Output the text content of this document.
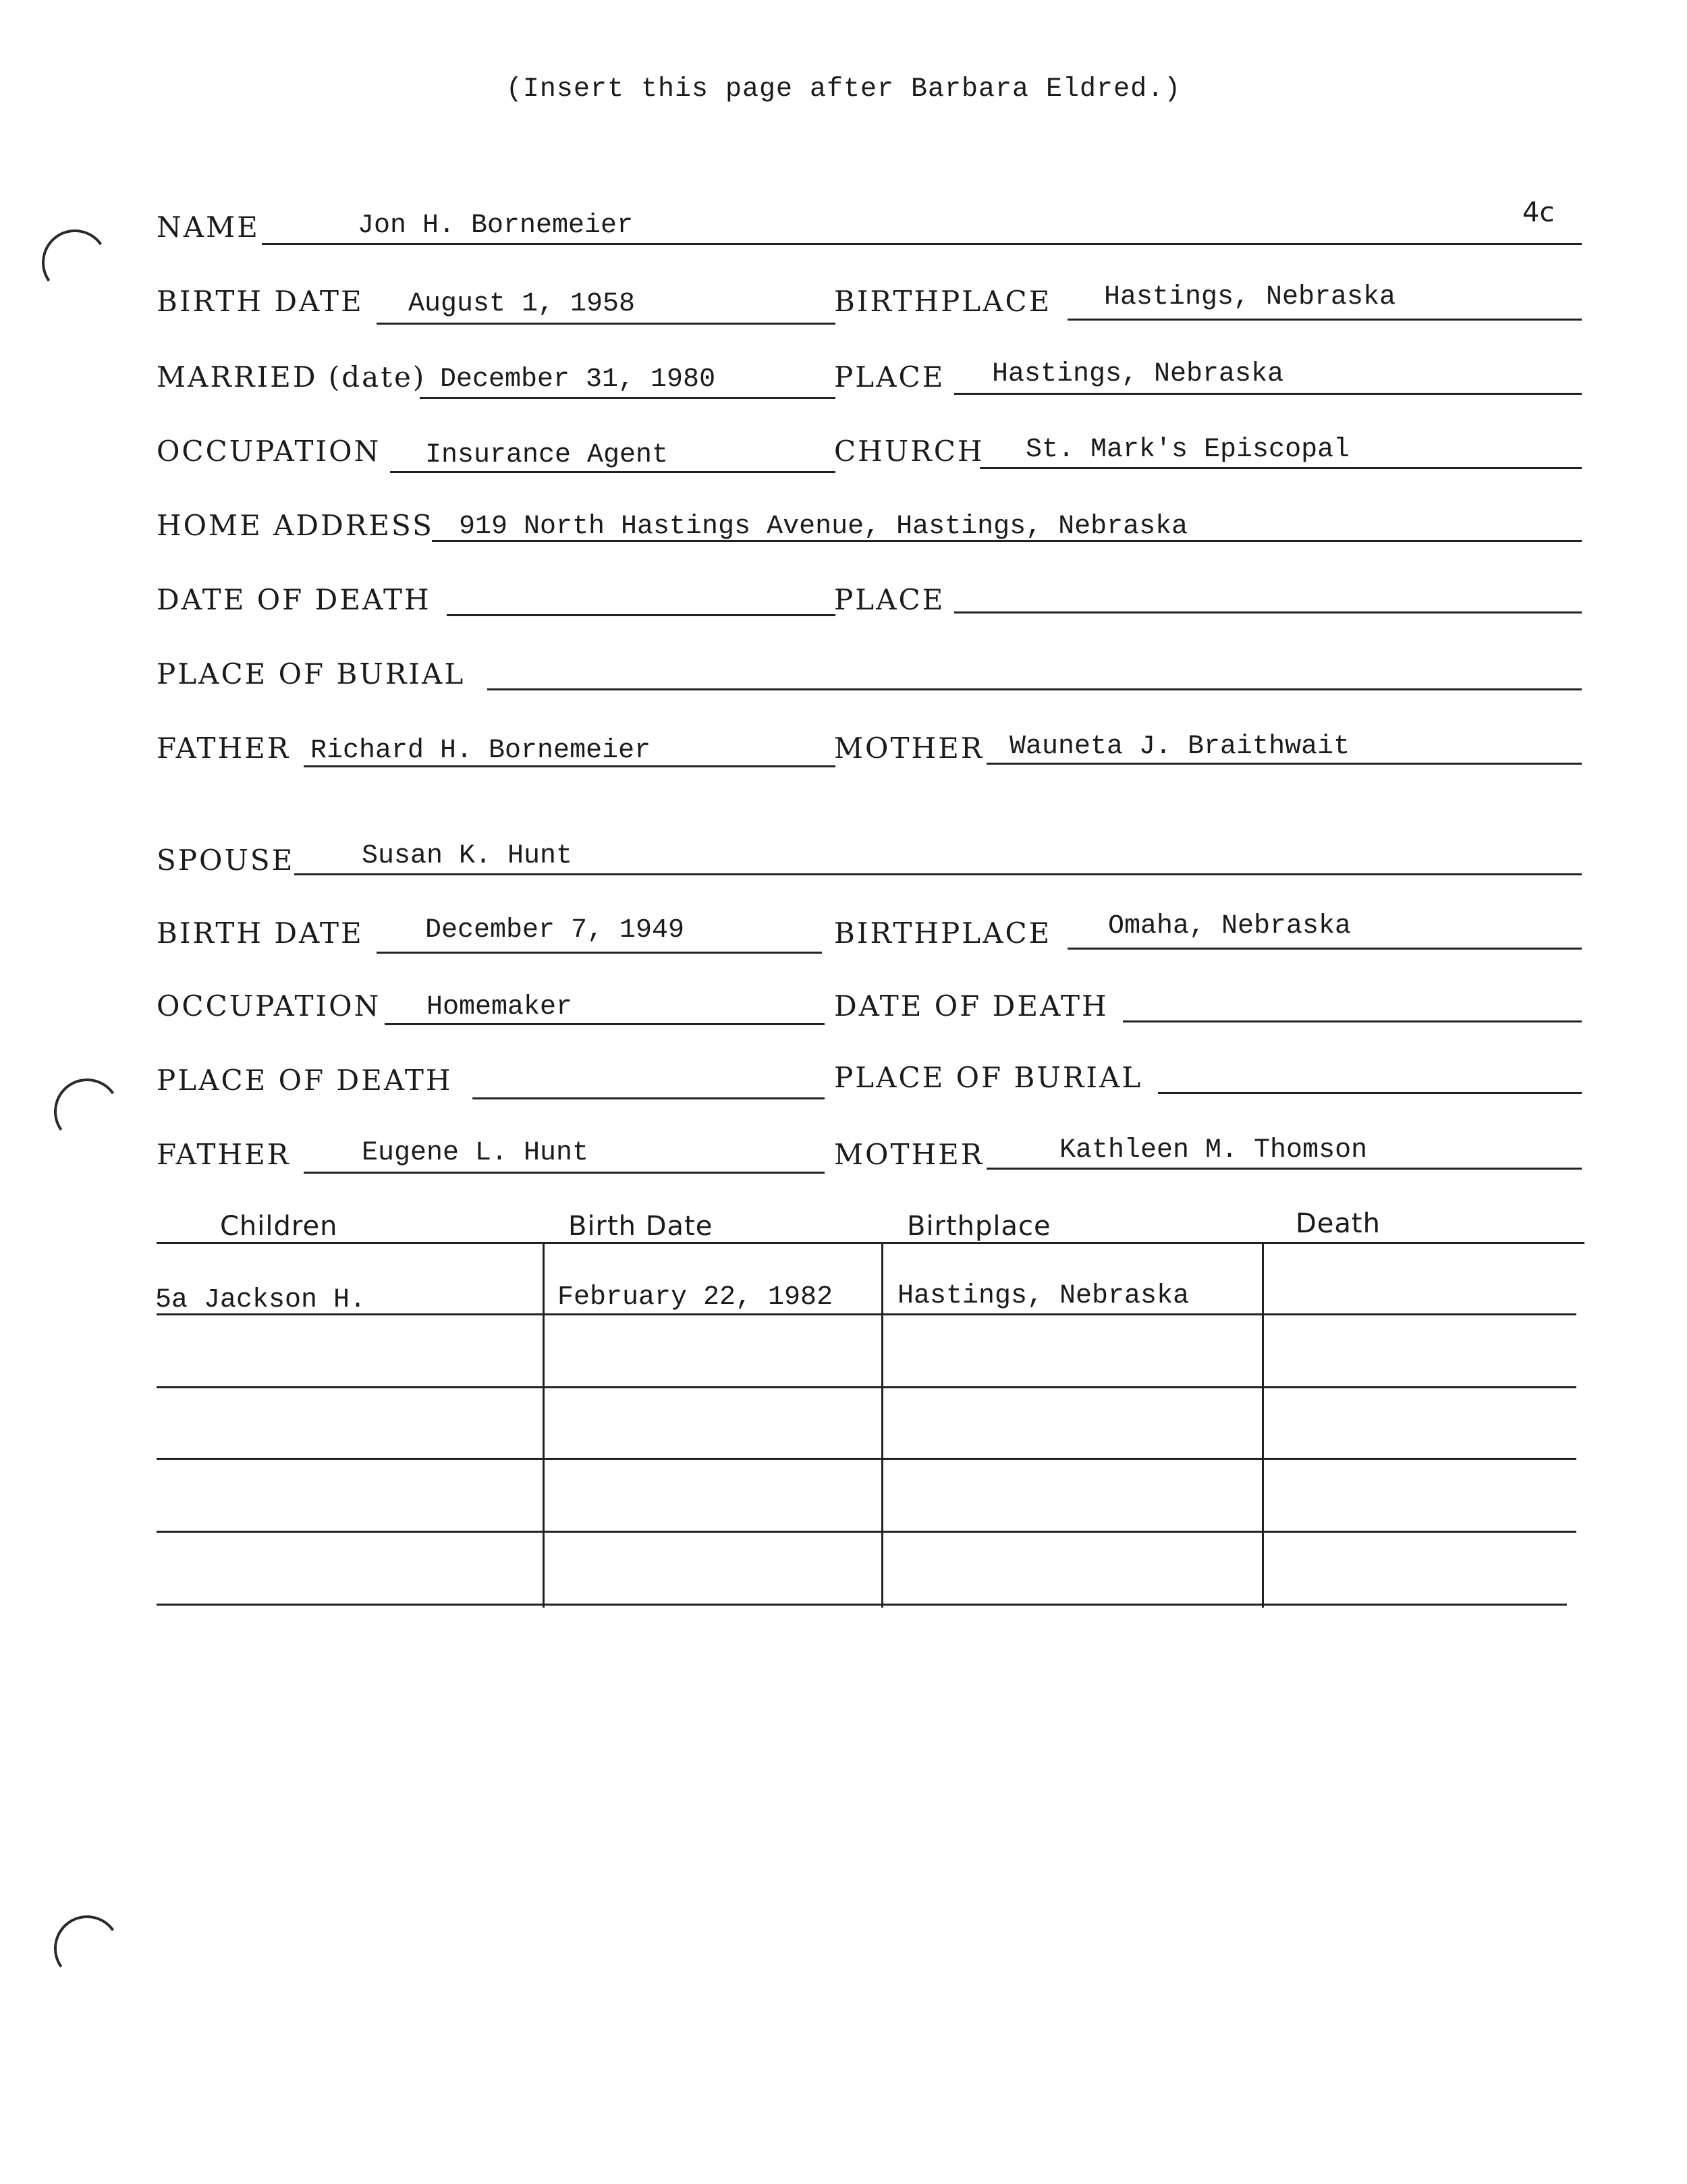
(Insert this page after Barbara Eldred.)
4c
NAME	Jon H. Bornemeier
BIRTH DATE August 1, 1958	BIRTHPLACE Hastings, Nebraska
MARRIED (date) December 31, 1980	PLACE Hastings, Nebraska
OCCUPATION Insurance Agent	CHURCH St. Mark's Episcopal
HOME ADDRESS 919 North Hastings Avenue, Hastings, Nebraska
DATE OF DEATH	PLACE
PLACE OF BURIAL
FATHER Richard H. Bornemeier	MOTHER Wauneta J. Braithwait
SPOUSE Susan K. Hunt
BIRTH DATE December 7, 1949	BIRTHPLACE Omaha, Nebraska
OCCUPATION Homemaker	DATE OF DEATH
PLACE OF DEATH	PLACE OF BURIAL
FATHER	Eugene L. Hunt	MOTHER	Kathleen M. Thomson
Children	Birth Date	Birthplace	Death
5a Jackson H.	February 22, 1982 Hastings, Nebraska
